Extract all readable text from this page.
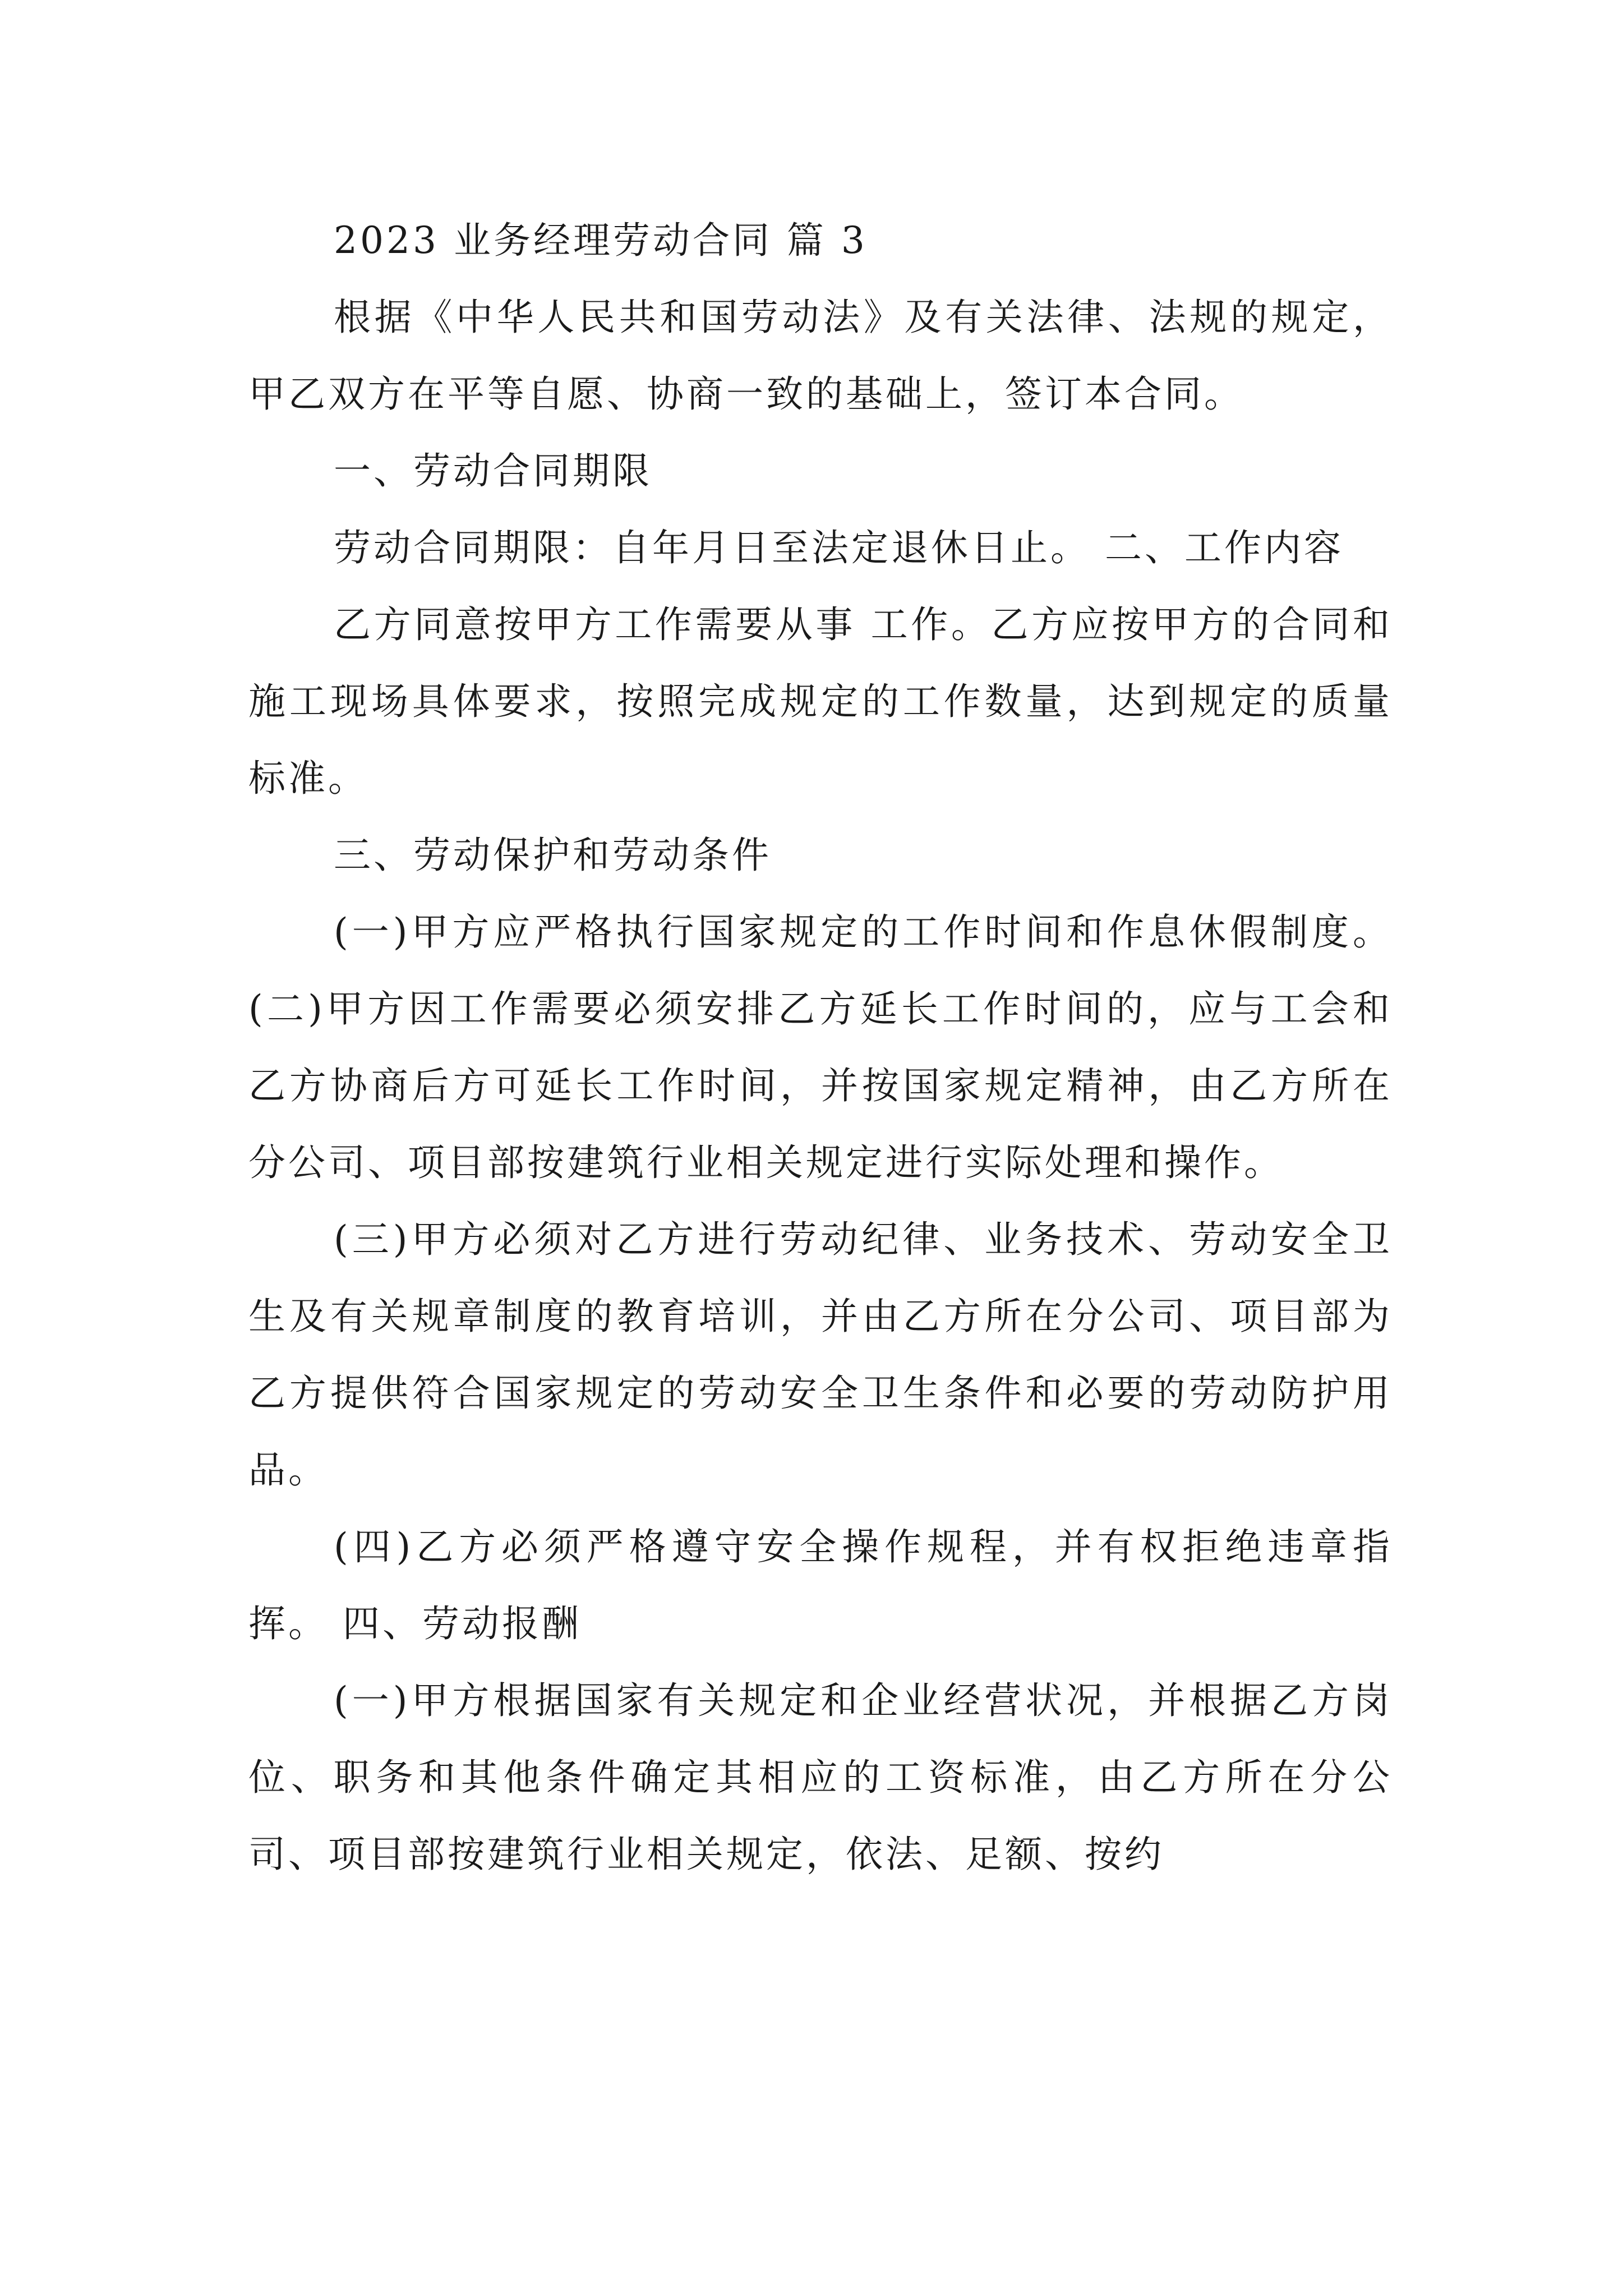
2023 业务经理劳动合同 篇 3

根据《中华人民共和国劳动法》及有关法律、法规的规定，甲乙双方在平等自愿、协商一致的基础上，签订本合同。

一、劳动合同期限

劳动合同期限：自年月日至法定退休日止。 二、工作内容

乙方同意按甲方工作需要从事 工作。乙方应按甲方的合同和施工现场具体要求，按照完成规定的工作数量，达到规定的质量标准。

三、劳动保护和劳动条件

(一)甲方应严格执行国家规定的工作时间和作息休假制度。 (二)甲方因工作需要必须安排乙方延长工作时间的，应与工会和乙方协商后方可延长工作时间，并按国家规定精神，由乙方所在分公司、项目部按建筑行业相关规定进行实际处理和操作。

(三)甲方必须对乙方进行劳动纪律、业务技术、劳动安全卫生及有关规章制度的教育培训，并由乙方所在分公司、项目部为乙方提供符合国家规定的劳动安全卫生条件和必要的劳动防护用品。

(四)乙方必须严格遵守安全操作规程，并有权拒绝违章指挥。 四、劳动报酬

(一)甲方根据国家有关规定和企业经营状况，并根据乙方岗位、职务和其他条件确定其相应的工资标准，由乙方所在分公司、项目部按建筑行业相关规定，依法、足额、按约
